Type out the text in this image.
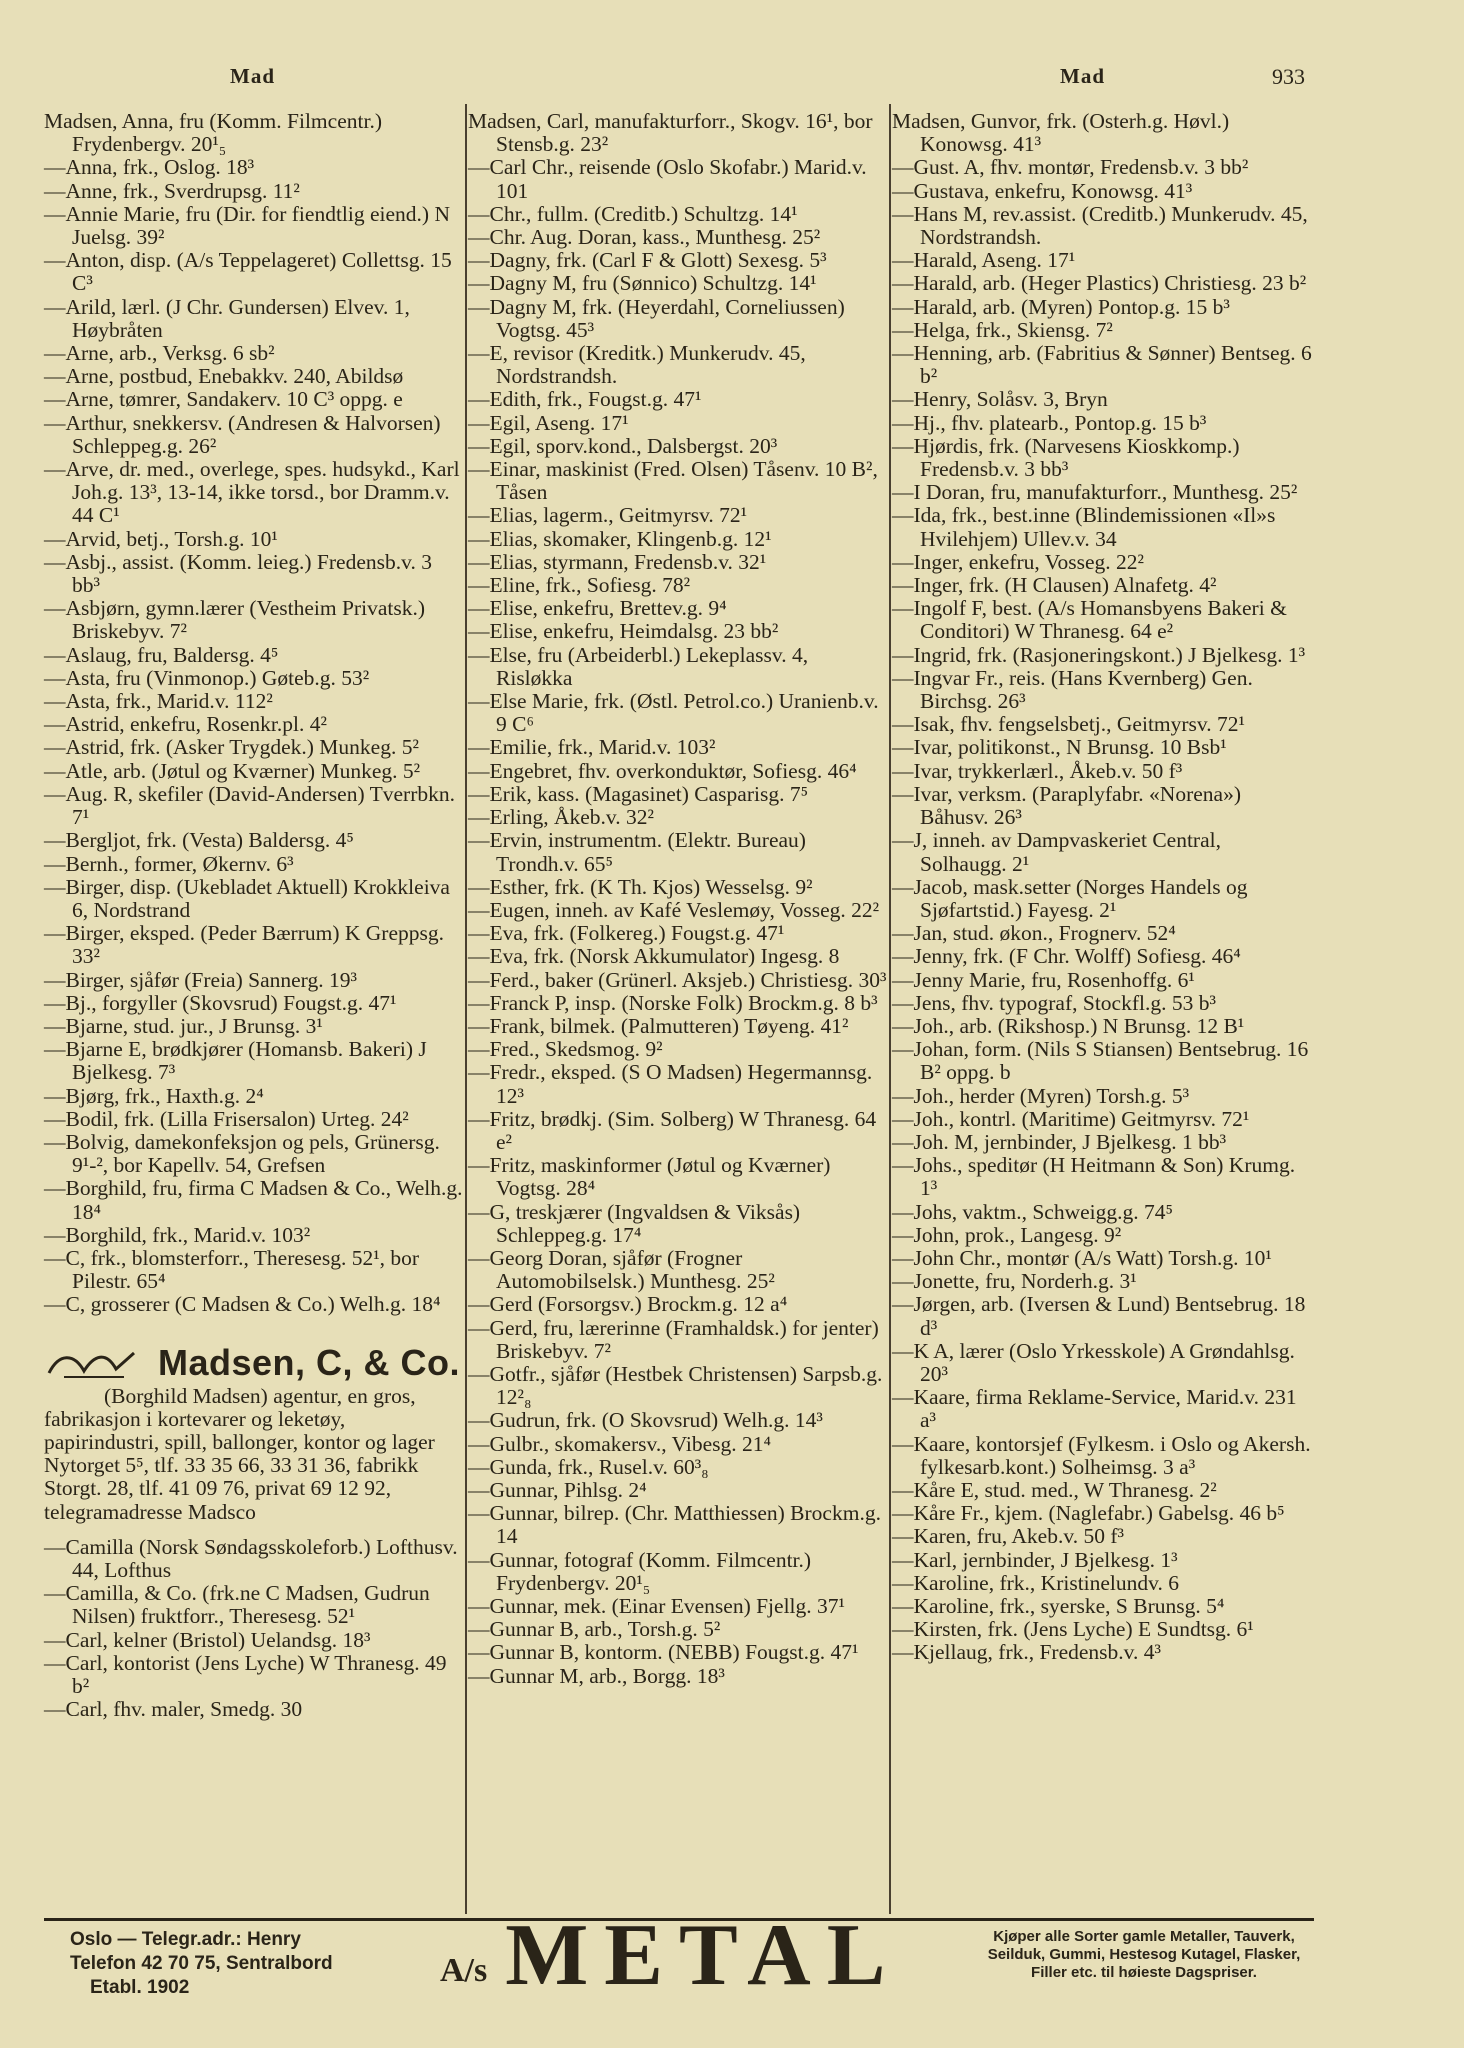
Mad	Mad	933

Madsen, Anna, fru (Komm. Filmcentr.) Frydenbergv. 20¹₅

—Anna, frk., Oslog. 18³

—Anne, frk., Sverdrupsg. 11²

—Annie Marie, fru (Dir. for fiendtlig eiend.) N Juelsg. 39²

—Anton, disp. (A/s Teppelageret) Collettsg. 15 C³

—Arild, lærl. (J Chr. Gundersen) Elvev. 1, Høybråten

—Arne, arb., Verksg. 6 sb²

—Arne, postbud, Enebakkv. 240, Abildsø

—Arne, tømrer, Sandakerv. 10 C³ oppg. e

—Arthur, snekkersv. (Andresen & Halvorsen) Schleppeg.g. 26²

—Arve, dr. med., overlege, spes. hudsykd., Karl Joh.g. 13³, 13-14, ikke torsd., bor Dramm.v. 44 C¹

—Arvid, betj., Torsh.g. 10¹

—Asbj., assist. (Komm. leieg.) Fredensb.v. 3 bb³

—Asbjørn, gymn.lærer (Vestheim Privatsk.) Briskebyv. 7²

—Aslaug, fru, Baldersg. 4⁵

—Asta, fru (Vinmonop.) Gøteb.g. 53²

—Asta, frk., Marid.v. 112²

—Astrid, enkefru, Rosenkr.pl. 4²

—Astrid, frk. (Asker Trygdek.) Munkeg. 5²

—Atle, arb. (Jøtul og Kværner) Munkeg. 5²

—Aug. R, skefiler (David-Andersen) Tverrbkn. 7¹

—Bergljot, frk. (Vesta) Baldersg. 4⁵

—Bernh., former, Økernv. 6³

—Birger, disp. (Ukebladet Aktuell) Krokkleiva 6, Nordstrand

—Birger, eksped. (Peder Bærrum) K Greppsg. 33²

—Birger, sjåfør (Freia) Sannerg. 19³

—Bj., forgyller (Skovsrud) Fougst.g. 47¹

—Bjarne, stud. jur., J Brunsg. 3¹

—Bjarne E, brødkjører (Homansb. Bakeri) J Bjelkesg. 7³

—Bjørg, frk., Haxth.g. 2⁴

—Bodil, frk. (Lilla Frisersalon) Urteg. 24²

—Bolvig, damekonfeksjon og pels, Grünersg. 9¹-², bor Kapellv. 54, Grefsen

—Borghild, fru, firma C Madsen & Co., Welh.g. 18⁴

—Borghild, frk., Marid.v. 103²

—C, frk., blomsterforr., Theresesg. 52¹, bor Pilestr. 65⁴

—C, grosserer (C Madsen & Co.) Welh.g. 18⁴

Madsen, C, & Co.

(Borghild Madsen) agentur, en gros, fabrikasjon i kortevarer og leketøy, papirindustri, spill, ballonger, kontor og lager Nytorget 5⁵, tlf. 33 35 66, 33 31 36, fabrikk Storgt. 28, tlf. 41 09 76, privat 69 12 92, telegramadresse Madsco

—Camilla (Norsk Søndagsskoleforb.) Lofthusv. 44, Lofthus

—Camilla, & Co. (frk.ne C Madsen, Gudrun Nilsen) fruktforr., Theresesg. 52¹

—Carl, kelner (Bristol) Uelandsg. 18³

—Carl, kontorist (Jens Lyche) W Thranesg. 49 b²

—Carl, fhv. maler, Smedg. 30

Madsen, Carl, manufakturforr., Skogv. 16¹, bor Stensb.g. 23²

—Carl Chr., reisende (Oslo Skofabr.) Marid.v. 101

—Chr., fullm. (Creditb.) Schultzg. 14¹

—Chr. Aug. Doran, kass., Munthesg. 25²

—Dagny, frk. (Carl F & Glott) Sexesg. 5³

—Dagny M, fru (Sønnico) Schultzg. 14¹

—Dagny M, frk. (Heyerdahl, Corneliussen) Vogtsg. 45³

—E, revisor (Kreditk.) Munkerudv. 45, Nordstrandsh.

—Edith, frk., Fougst.g. 47¹

—Egil, Aseng. 17¹

—Egil, sporv.kond., Dalsbergst. 20³

—Einar, maskinist (Fred. Olsen) Tåsenv. 10 B², Tåsen

—Elias, lagerm., Geitmyrsv. 72¹

—Elias, skomaker, Klingenb.g. 12¹

—Elias, styrmann, Fredensb.v. 32¹

—Eline, frk., Sofiesg. 78²

—Elise, enkefru, Brettev.g. 9⁴

—Elise, enkefru, Heimdalsg. 23 bb²

—Else, fru (Arbeiderbl.) Lekeplassv. 4, Risløkka

—Else Marie, frk. (Østl. Petrol.co.) Uranienb.v. 9 C⁶

—Emilie, frk., Marid.v. 103²

—Engebret, fhv. overkonduktør, Sofiesg. 46⁴

—Erik, kass. (Magasinet) Casparisg. 7⁵

—Erling, Åkeb.v. 32²

—Ervin, instrumentm. (Elektr. Bureau) Trondh.v. 65⁵

—Esther, frk. (K Th. Kjos) Wesselsg. 9²

—Eugen, inneh. av Kafé Veslemøy, Vosseg. 22²

—Eva, frk. (Folkereg.) Fougst.g. 47¹

—Eva, frk. (Norsk Akkumulator) Ingesg. 8

—Ferd., baker (Grünerl. Aksjeb.) Christiesg. 30³

—Franck P, insp. (Norske Folk) Brockm.g. 8 b³

—Frank, bilmek. (Palmutteren) Tøyeng. 41²

—Fred., Skedsmog. 9²

—Fredr., eksped. (S O Madsen) Hegermannsg. 12³

—Fritz, brødkj. (Sim. Solberg) W Thranesg. 64 e²

—Fritz, maskinformer (Jøtul og Kværner) Vogtsg. 28⁴

—G, treskjærer (Ingvaldsen & Viksås) Schleppeg.g. 17⁴

—Georg Doran, sjåfør (Frogner Automobilselsk.) Munthesg. 25²

—Gerd (Forsorgsv.) Brockm.g. 12 a⁴

—Gerd, fru, lærerinne (Framhaldsk.) for jenter) Briskebyv. 7²

—Gotfr., sjåfør (Hestbek Christensen) Sarpsb.g. 12²₈

—Gudrun, frk. (O Skovsrud) Welh.g. 14³

—Gulbr., skomakersv., Vibesg. 21⁴

—Gunda, frk., Rusel.v. 60³₈

—Gunnar, Pihlsg. 2⁴

—Gunnar, bilrep. (Chr. Matthiessen) Brockm.g. 14

—Gunnar, fotograf (Komm. Filmcentr.) Frydenbergv. 20¹₅

—Gunnar, mek. (Einar Evensen) Fjellg. 37¹

—Gunnar B, arb., Torsh.g. 5²

—Gunnar B, kontorm. (NEBB) Fougst.g. 47¹

—Gunnar M, arb., Borgg. 18³

Madsen, Gunvor, frk. (Osterh.g. Høvl.) Konowsg. 41³

—Gust. A, fhv. montør, Fredensb.v. 3 bb²

—Gustava, enkefru, Konowsg. 41³

—Hans M, rev.assist. (Creditb.) Munkerudv. 45, Nordstrandsh.

—Harald, Aseng. 17¹

—Harald, arb. (Heger Plastics) Christiesg. 23 b²

—Harald, arb. (Myren) Pontop.g. 15 b³

—Helga, frk., Skiensg. 7²

—Henning, arb. (Fabritius & Sønner) Bentseg. 6 b²

—Henry, Solåsv. 3, Bryn

—Hj., fhv. platearb., Pontop.g. 15 b³

—Hjørdis, frk. (Narvesens Kioskkomp.) Fredensb.v. 3 bb³

—I Doran, fru, manufakturforr., Munthesg. 25²

—Ida, frk., best.inne (Blindemissionen «Il»s Hvilehjem) Ullev.v. 34

—Inger, enkefru, Vosseg. 22²

—Inger, frk. (H Clausen) Alnafetg. 4²

—Ingolf F, best. (A/s Homansbyens Bakeri & Conditori) W Thranesg. 64 e²

—Ingrid, frk. (Rasjoneringskont.) J Bjelkesg. 1³

—Ingvar Fr., reis. (Hans Kvernberg) Gen. Birchsg. 26³

—Isak, fhv. fengselsbetj., Geitmyrsv. 72¹

—Ivar, politikonst., N Brunsg. 10 Bsb¹

—Ivar, trykkerlærl., Åkeb.v. 50 f³

—Ivar, verksm. (Paraplyfabr. «Norena») Båhusv. 26³

—J, inneh. av Dampvaskeriet Central, Solhaugg. 2¹

—Jacob, mask.setter (Norges Handels og Sjøfartstid.) Fayesg. 2¹

—Jan, stud. økon., Frognerv. 52⁴

—Jenny, frk. (F Chr. Wolff) Sofiesg. 46⁴

—Jenny Marie, fru, Rosenhoffg. 6¹

—Jens, fhv. typograf, Stockfl.g. 53 b³

—Joh., arb. (Rikshosp.) N Brunsg. 12 B¹

—Johan, form. (Nils S Stiansen) Bentsebrug. 16 B² oppg. b

—Joh., herder (Myren) Torsh.g. 5³

—Joh., kontrl. (Maritime) Geitmyrsv. 72¹

—Joh. M, jernbinder, J Bjelkesg. 1 bb³

—Johs., speditør (H Heitmann & Son) Krumg. 1³

—Johs, vaktm., Schweigg.g. 74⁵

—John, prok., Langesg. 9²

—John Chr., montør (A/s Watt) Torsh.g. 10¹

—Jonette, fru, Norderh.g. 3¹

—Jørgen, arb. (Iversen & Lund) Bentsebrug. 18 d³

—K A, lærer (Oslo Yrkesskole) A Grøndahlsg. 20³

—Kaare, firma Reklame-Service, Marid.v. 231 a³

—Kaare, kontorsjef (Fylkesm. i Oslo og Akersh. fylkesarb.kont.) Solheimsg. 3 a³

—Kåre E, stud. med., W Thranesg. 2²

—Kåre Fr., kjem. (Naglefabr.) Gabelsg. 46 b⁵

—Karen, fru, Akeb.v. 50 f³

—Karl, jernbinder, J Bjelkesg. 1³

—Karoline, frk., Kristinelundv. 6

—Karoline, frk., syerske, S Brunsg. 5⁴

—Kirsten, frk. (Jens Lyche) E Sundtsg. 6¹

—Kjellaug, frk., Fredensb.v. 4³

Oslo — Telegr.adr.: Henry
Telefon 42 70 75, Sentralbord
Etabl. 1902	A/s METAL	Kjøper alle Sorter gamle Metaller, Tauverk, Seilduk, Gummi, Hestesog Kutagel, Flasker, Filler etc. til høieste Dagspriser.
